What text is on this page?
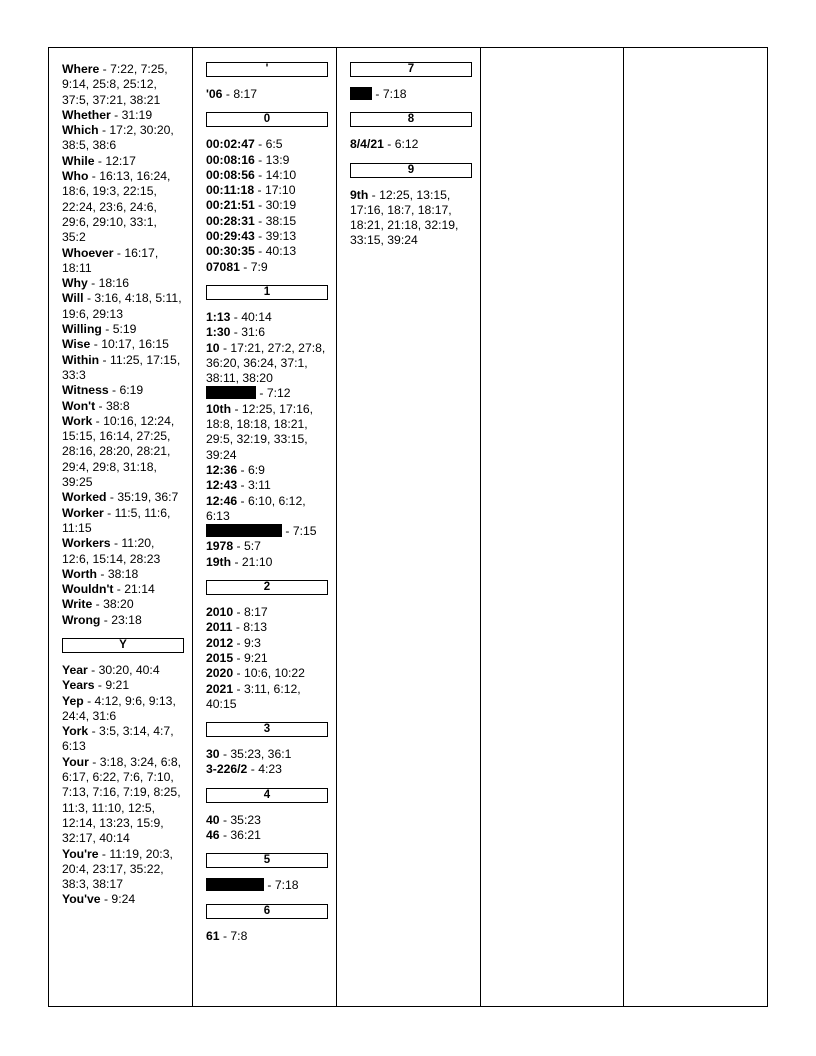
Where - 7:22, 7:25, 9:14, 25:8, 25:12, 37:5, 37:21, 38:21
Whether - 31:19
Which - 17:2, 30:20, 38:5, 38:6
While - 12:17
Who - 16:13, 16:24, 18:6, 19:3, 22:15, 22:24, 23:6, 24:6, 29:6, 29:10, 33:1, 35:2
Whoever - 16:17, 18:11
Why - 18:16
Will - 3:16, 4:18, 5:11, 19:6, 29:13
Willing - 5:19
Wise - 10:17, 16:15
Within - 11:25, 17:15, 33:3
Witness - 6:19
Won't - 38:8
Work - 10:16, 12:24, 15:15, 16:14, 27:25, 28:16, 28:20, 28:21, 29:4, 29:8, 31:18, 39:25
Worked - 35:19, 36:7
Worker - 11:5, 11:6, 11:15
Workers - 11:20, 12:6, 15:14, 28:23
Worth - 38:18
Wouldn't - 21:14
Write - 38:20
Wrong - 23:18
Y
Year - 30:20, 40:4
Years - 9:21
Yep - 4:12, 9:6, 9:13, 24:4, 31:6
York - 3:5, 3:14, 4:7, 6:13
Your - 3:18, 3:24, 6:8, 6:17, 6:22, 7:6, 7:10, 7:13, 7:16, 7:19, 8:25, 11:3, 11:10, 12:5, 12:14, 13:23, 15:9, 32:17, 40:14
You're - 11:19, 20:3, 20:4, 23:17, 35:22, 38:3, 38:17
You've - 9:24
'
'06 - 8:17
0
00:02:47 - 6:5
00:08:16 - 13:9
00:08:56 - 14:10
00:11:18 - 17:10
00:21:51 - 30:19
00:28:31 - 38:15
00:29:43 - 39:13
00:30:35 - 40:13
07081 - 7:9
1
1:13 - 40:14
1:30 - 31:6
10 - 17:21, 27:2, 27:8, 36:20, 36:24, 37:1, 38:11, 38:20
- 7:12
10th - 12:25, 17:16, 18:8, 18:18, 18:21, 29:5, 32:19, 33:15, 39:24
12:36 - 6:9
12:43 - 3:11
12:46 - 6:10, 6:12, 6:13
- 7:15
1978 - 5:7
19th - 21:10
2
2010 - 8:17
2011 - 8:13
2012 - 9:3
2015 - 9:21
2020 - 10:6, 10:22
2021 - 3:11, 6:12, 40:15
3
30 - 35:23, 36:1
3-226/2 - 4:23
4
40 - 35:23
46 - 36:21
5
- 7:18
6
61 - 7:8
7
- 7:18
8
8/4/21 - 6:12
9
9th - 12:25, 13:15, 17:16, 18:7, 18:17, 18:21, 21:18, 32:19, 33:15, 39:24
